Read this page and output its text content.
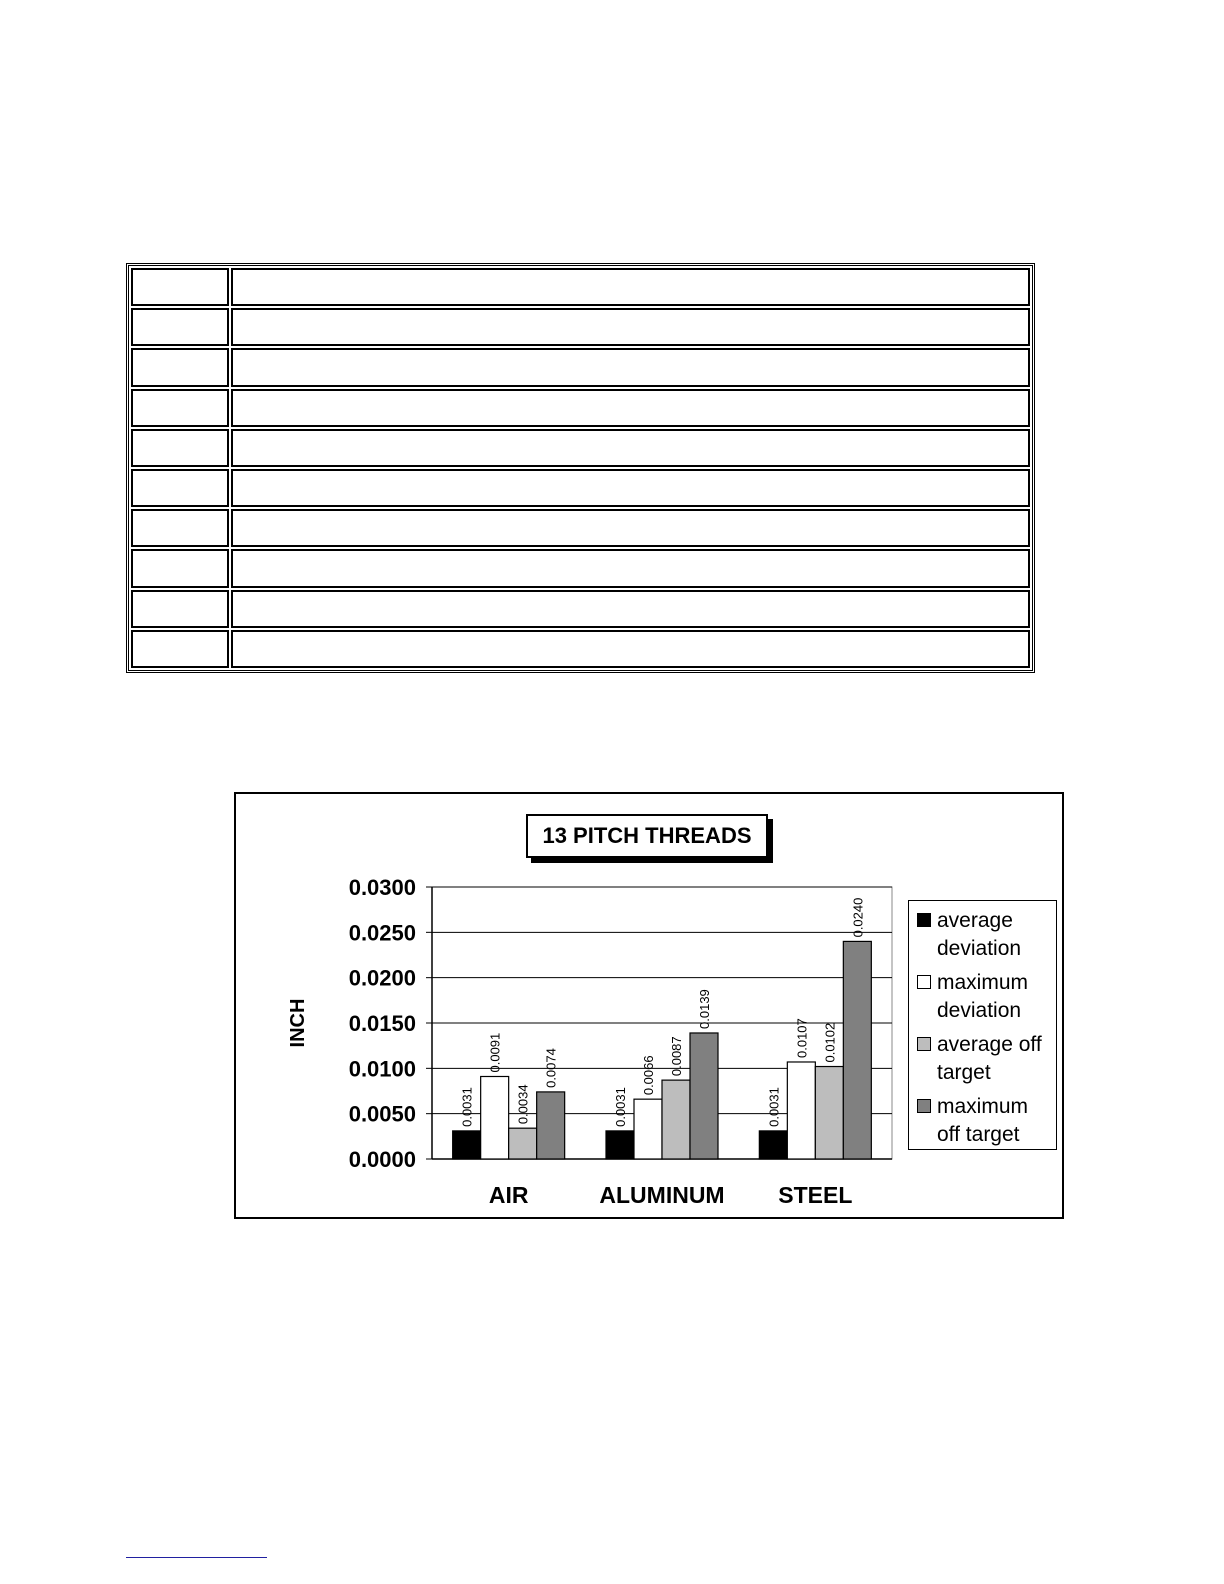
0.0000
0.0050
0.0100
0.0150
0.0200
0.0250
0.0300
INCH
0.0031
0.0091
0.0034
0.0074
AIR
0.0031
0.0066 0.0087
0.0139
ALUMINUM
0.0031
0.0107 0.0102
0.0240
STEEL
13 PITCH THREADS
average deviation
maximum deviation
average off target
maximum off target
